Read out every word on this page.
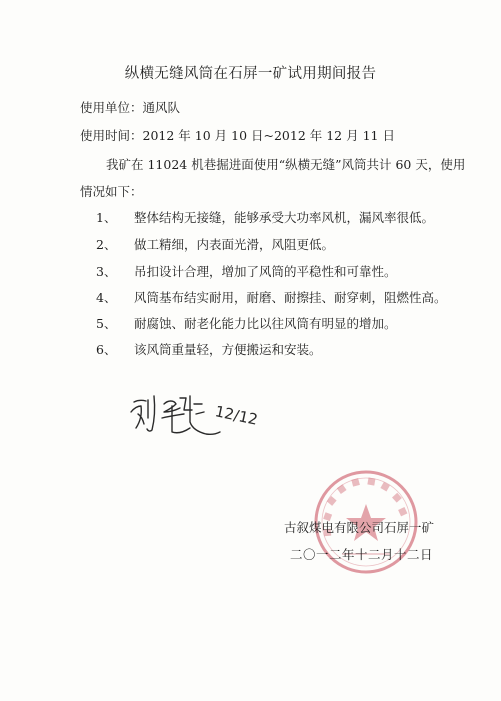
纵横无缝风筒在石屏一矿试用期间报告
使用单位：通风队
使用时间：2012 年 10 月 10 日~2012 年 12 月 11 日
我矿在 11024 机巷掘进面使用“纵横无缝”风筒共计 60 天，使用
情况如下：
1、 整体结构无接缝，能够承受大功率风机，漏风率很低。
2、 做工精细，内表面光滑，风阻更低。
3、 吊扣设计合理，增加了风筒的平稳性和可靠性。
4、 风筒基布结实耐用，耐磨、耐擦挂、耐穿刺，阻燃性高。
5、 耐腐蚀、耐老化能力比以往风筒有明显的增加。
6、 该风筒重量轻，方便搬运和安装。
12/12
古叙煤电有限公司石屏一矿
二〇一二年十二月十二日
